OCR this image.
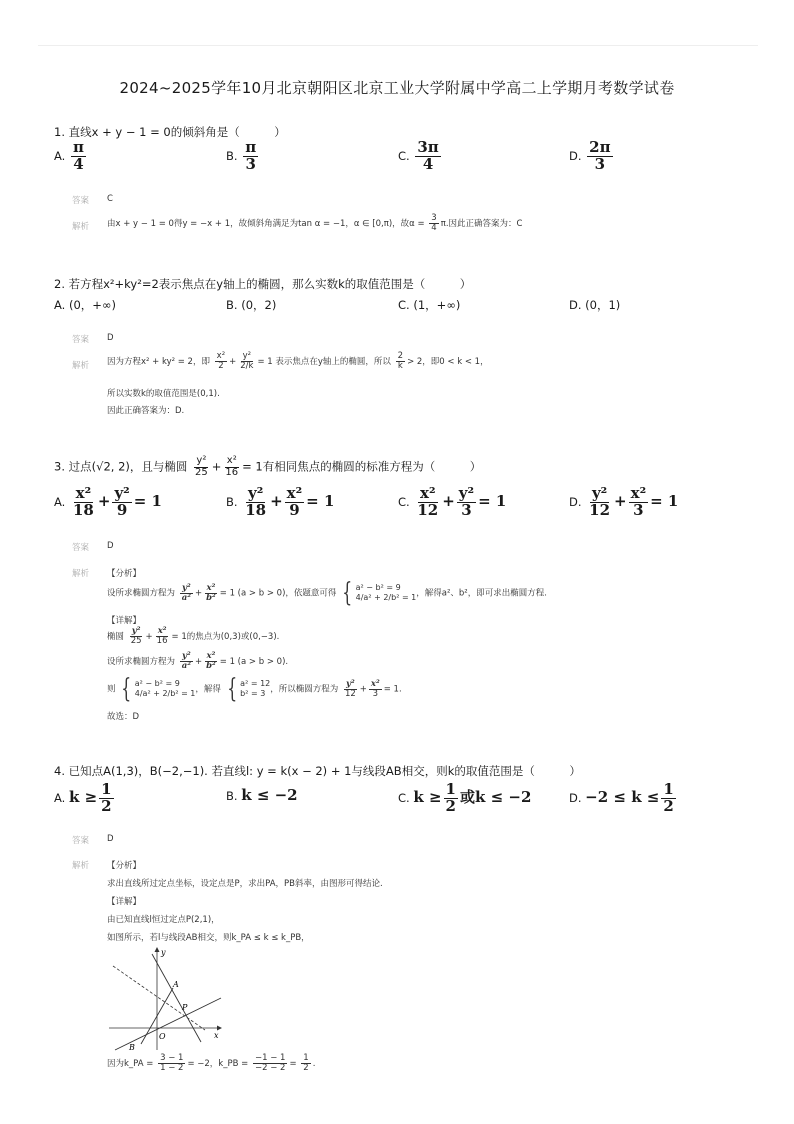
2024~2025学年10月北京朝阳区北京工业大学附属中学高二上学期月考数学试卷
1. 直线x + y − 1 = 0的倾斜角是（　　　）
A. $\frac{\pi}{4}$	B. $\frac{\pi}{3}$	C. $\frac{3\pi}{4}$	D. $\frac{2\pi}{3}$
答案 C
解析 由x + y − 1 = 0得y = −x + 1，故倾斜角满足为tan α = −1，α ∈ [0,π)，故$\alpha = \frac{3}{4} \pi$.因此正确答案为：C
2. 若方程x²+ky²=2表示焦点在y轴上的椭圆，那么实数k的取值范围是（　　　）
A. (0，+∞)	B. (0，2)	C. (1，+∞)	D. (0，1)
答案 D
解析 因为方程x² + ky² = 2，即 $\frac{\text{x²}}{2} + \frac{\text{y²}}{2/k} = 1$ 表示焦点在y轴上的椭圆，所以 $\frac{2}{k} > 2$，即0 < k < 1，
所以实数k的取值范围是(0,1).
因此正确答案为：D.
3. 过点(√2, 2)，且与椭圆 $\frac{\text{y²}}{25} + \frac{\text{x²}}{16} = 1$有相同焦点的椭圆的标准方程为（　　　）
A. $\frac{\text{x²}}{18} + \frac{\text{y²}}{9} = 1$	B. $\frac{\text{y²}}{18} + \frac{\text{x²}}{9} = 1$	C. $\frac{\text{x²}}{12} + \frac{\text{y²}}{3} = 1$	D. $\frac{\text{y²}}{12} + \frac{\text{x²}}{3} = 1$
答案 D
解析 【分析】
设所求椭圆方程为 $\frac{\text{y²}}{\text{a²}} + \frac{\text{x²}}{\text{b²}} = 1$ (a > b > 0)，依题意可得 { a² − b² = 9
4/a² + 2/b² = 1 ，解得a²、b²，即可求出椭圆方程.
【详解】
椭圆 $\frac{\text{y²}}{25} + \frac{\text{x²}}{16} = 1$的焦点为(0,3)或(0,−3).
设所求椭圆方程为 $\frac{\text{y²}}{\text{a²}} + \frac{\text{x²}}{\text{b²}} = 1$ (a > b > 0).
则 { a² − b² = 9
4/a² + 2/b² = 1 ，解得 { a² = 12
b² = 3 ，所以椭圆方程为 $\frac{\text{y²}}{12} + \frac{\text{x²}}{3} = 1$.
故选：D
4. 已知点A(1,3)，B(−2,−1). 若直线l: y = k(x − 2) + 1与线段AB相交，则k的取值范围是（　　　）
A. $k \ge \frac{1}{2}$	B. k ≤ −2	C. $k \ge \frac{1}{2}$ 或k ≤ −2	D. $-2 \le k \le \frac{1}{2}$
答案 D
解析 【分析】
求出直线所过定点坐标，设定点是P，求出PA，PB斜率，由图形可得结论.
【详解】
由已知直线l恒过定点P(2,1)，
如图所示，若l与线段AB相交，则k_PA ≤ k ≤ k_PB，
y
x
A
P
O
B
因为k_PA = $\frac{3 - 1}{1 - 2} = -2$，k_PB = $\frac{-1 - 1}{-2 - 2} = \frac{1}{2}$ .
